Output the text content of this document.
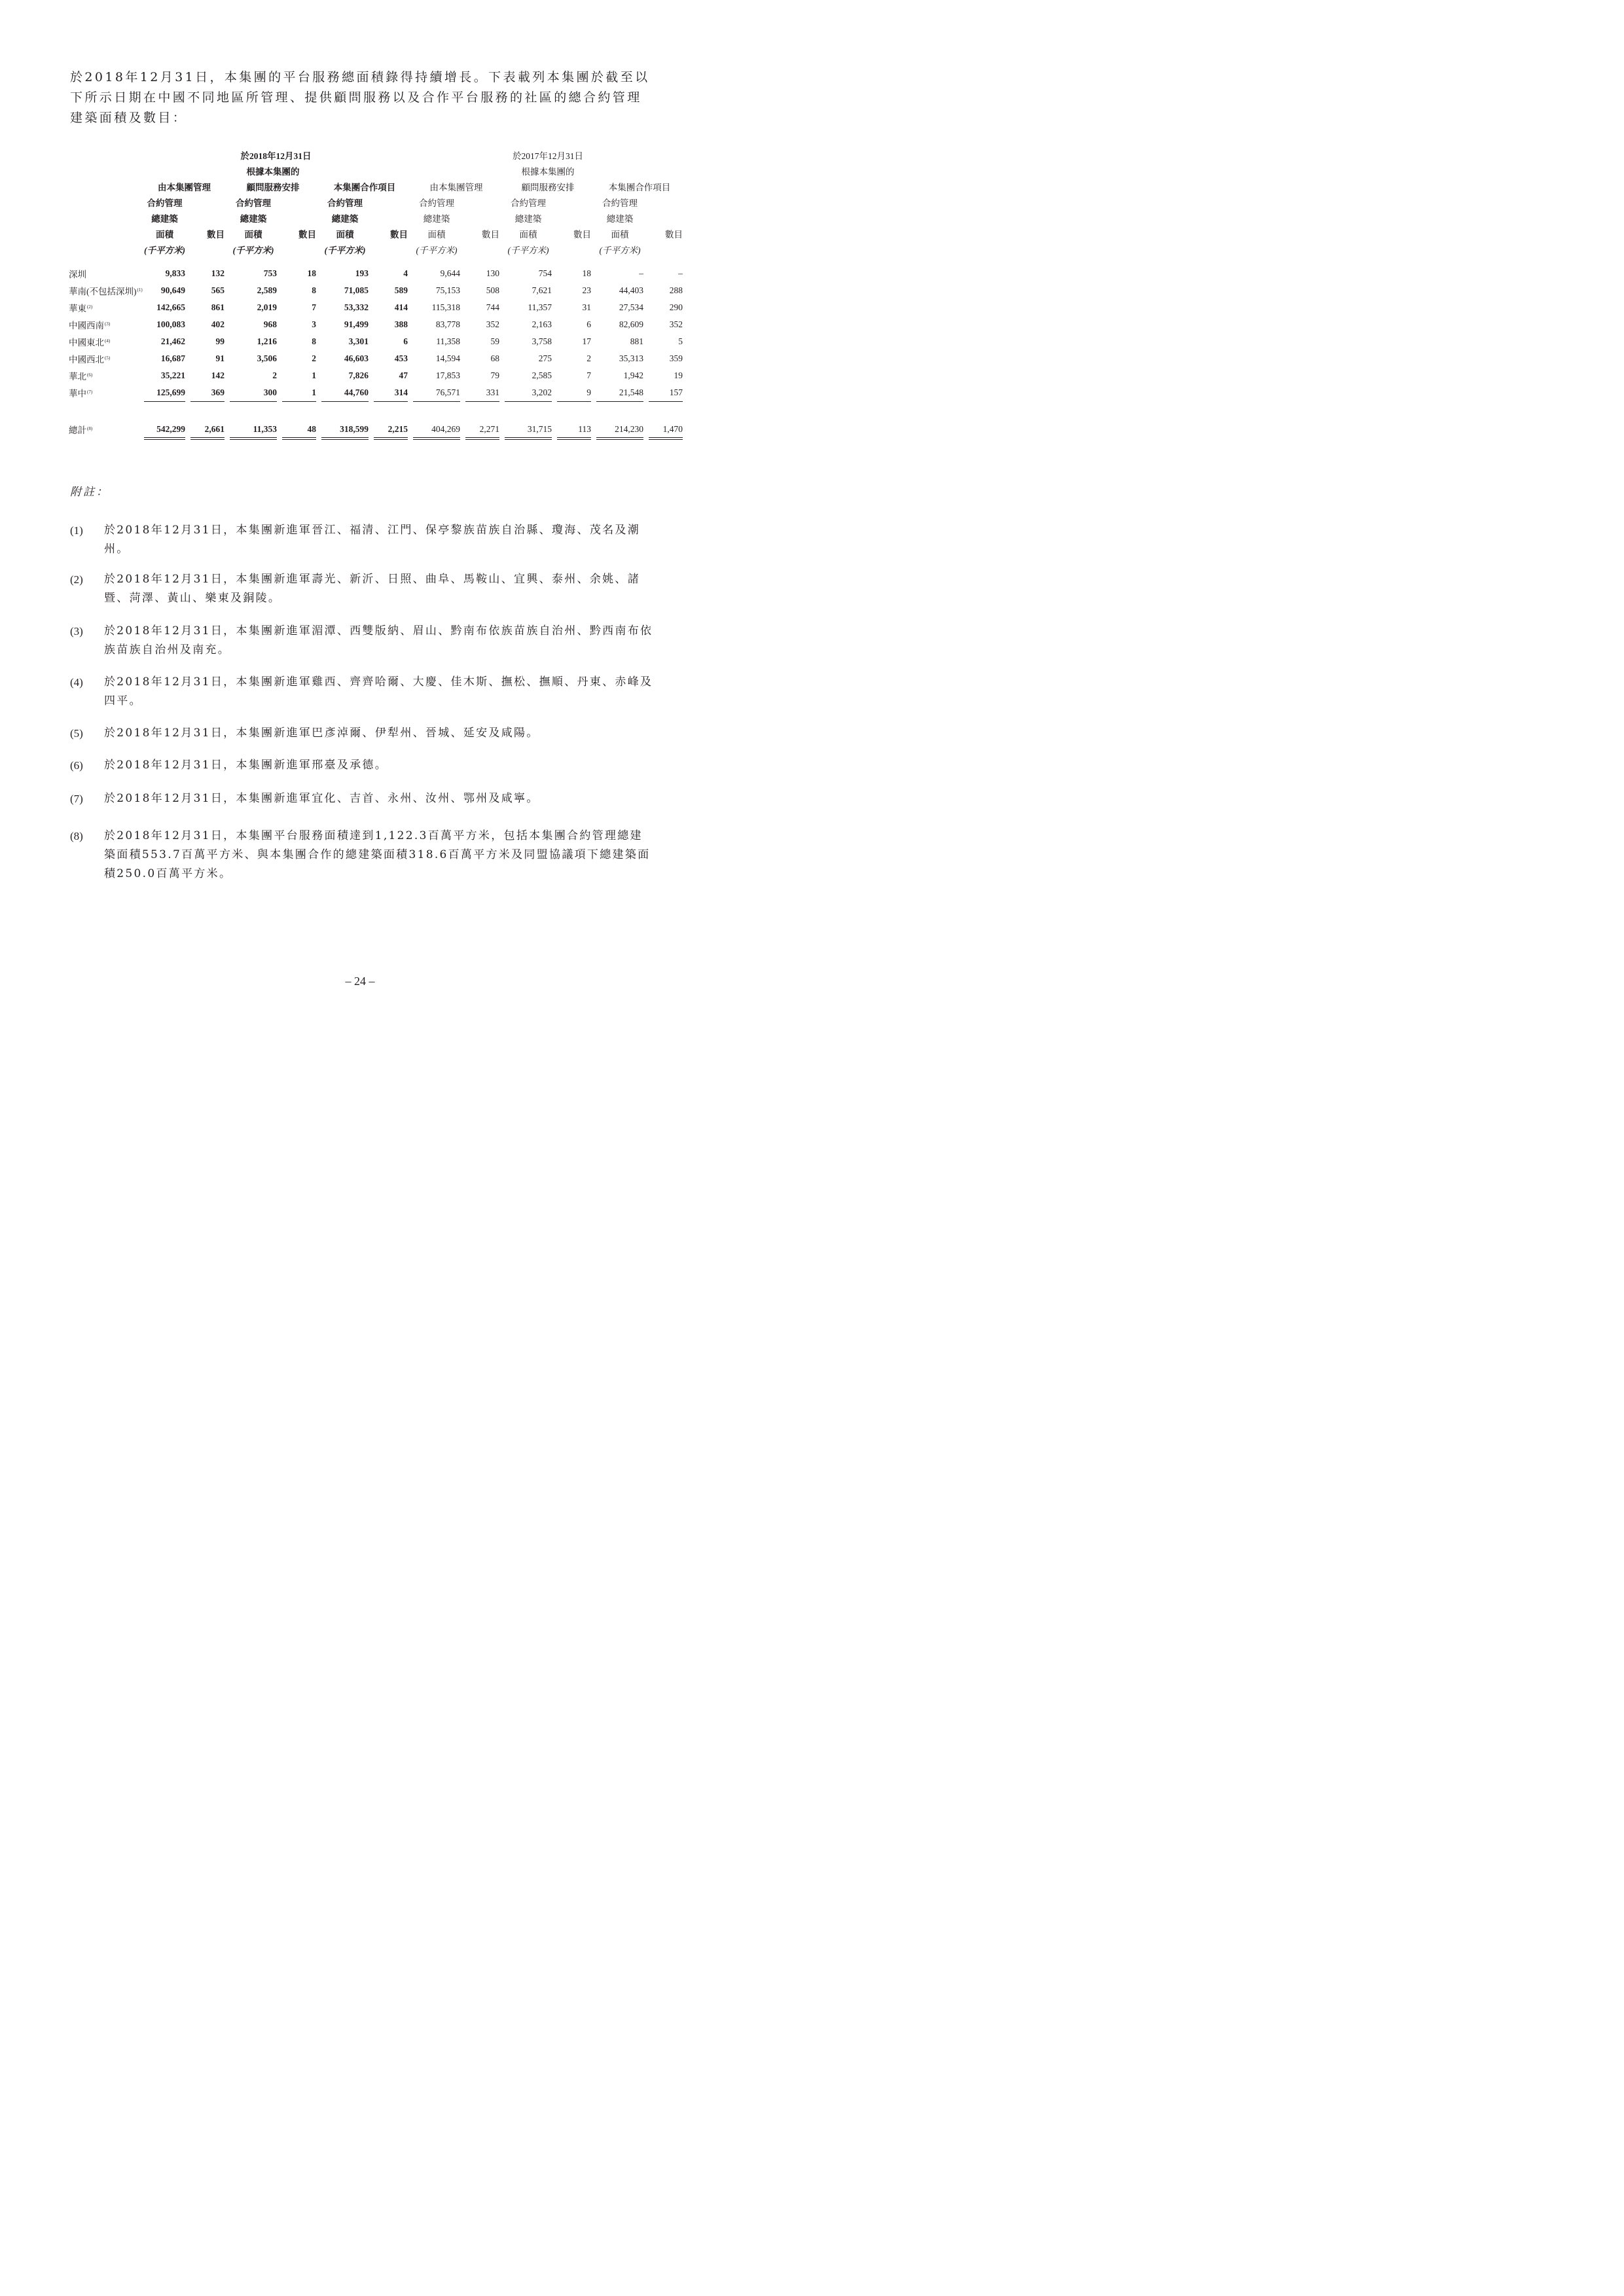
於2018年12月31日，本集團的平台服務總面積錄得持續增長。下表載列本集團於截至以下所示日期在中國不同地區所管理、提供顧問服務以及合作平台服務的社區的總合約管理建築面積及數目：

	於2018年12月31日												於2017年12月31日										
					根據本集團的												根據本集團的						
	由本集團管理				顧問服務安排				本集團合作項目				由本集團管理				顧問服務安排				本集團合作項目		
	合約管理				合約管理				合約管理				合約管理				合約管理				合約管理		
	總建築				總建築				總建築				總建築				總建築				總建築		
	面積		數目		面積		數目		面積		數目		面積		數目		面積		數目		面積		數目
	(千平方米)				(千平方米)				(千平方米)				(千平方米)				(千平方米)				(千平方米)		

深圳	9,833		132		753		18		193		4		9,644		130		754		18		–		–
華南(不包括深圳)$^{(1)}$	90,649		565		2,589		8		71,085		589		75,153		508		7,621		23		44,403		288
華東$^{(2)}$	142,665		861		2,019		7		53,332		414		115,318		744		11,357		31		27,534		290
中國西南$^{(3)}$	100,083		402		968		3		91,499		388		83,778		352		2,163		6		82,609		352
中國東北$^{(4)}$	21,462		99		1,216		8		3,301		6		11,358		59		3,758		17		881		5
中國西北$^{(5)}$	16,687		91		3,506		2		46,603		453		14,594		68		275		2		35,313		359
華北$^{(6)}$	35,221		142		2		1		7,826		47		17,853		79		2,585		7		1,942		19
華中$^{(7)}$	125,699		369		300		1		44,760		314		76,571		331		3,202		9		21,548		157
總計$^{(8)}$	542,299		2,661		11,353		48		318,599		2,215		404,269		2,271		31,715		113		214,230		1,470

附註：

(1)	於2018年12月31日，本集團新進軍晉江、福清、江門、保亭黎族苗族自治縣、瓊海、茂名及潮州。
(2)	於2018年12月31日，本集團新進軍壽光、新沂、日照、曲阜、馬鞍山、宜興、泰州、余姚、諸暨、菏澤、黃山、樂東及銅陵。
(3)	於2018年12月31日，本集團新進軍湄潭、西雙版納、眉山、黔南布依族苗族自治州、黔西南布依族苗族自治州及南充。
(4)	於2018年12月31日，本集團新進軍雞西、齊齊哈爾、大慶、佳木斯、撫松、撫順、丹東、赤峰及四平。
(5)	於2018年12月31日，本集團新進軍巴彥淖爾、伊犁州、晉城、延安及咸陽。
(6)	於2018年12月31日，本集團新進軍邢臺及承德。
(7)	於2018年12月31日，本集團新進軍宜化、吉首、永州、汝州、鄂州及咸寧。
(8)	於2018年12月31日，本集團平台服務面積達到1,122.3百萬平方米，包括本集團合約管理總建築面積553.7百萬平方米、與本集團合作的總建築面積318.6百萬平方米及同盟協議項下總建築面積250.0百萬平方米。
– 24 –
